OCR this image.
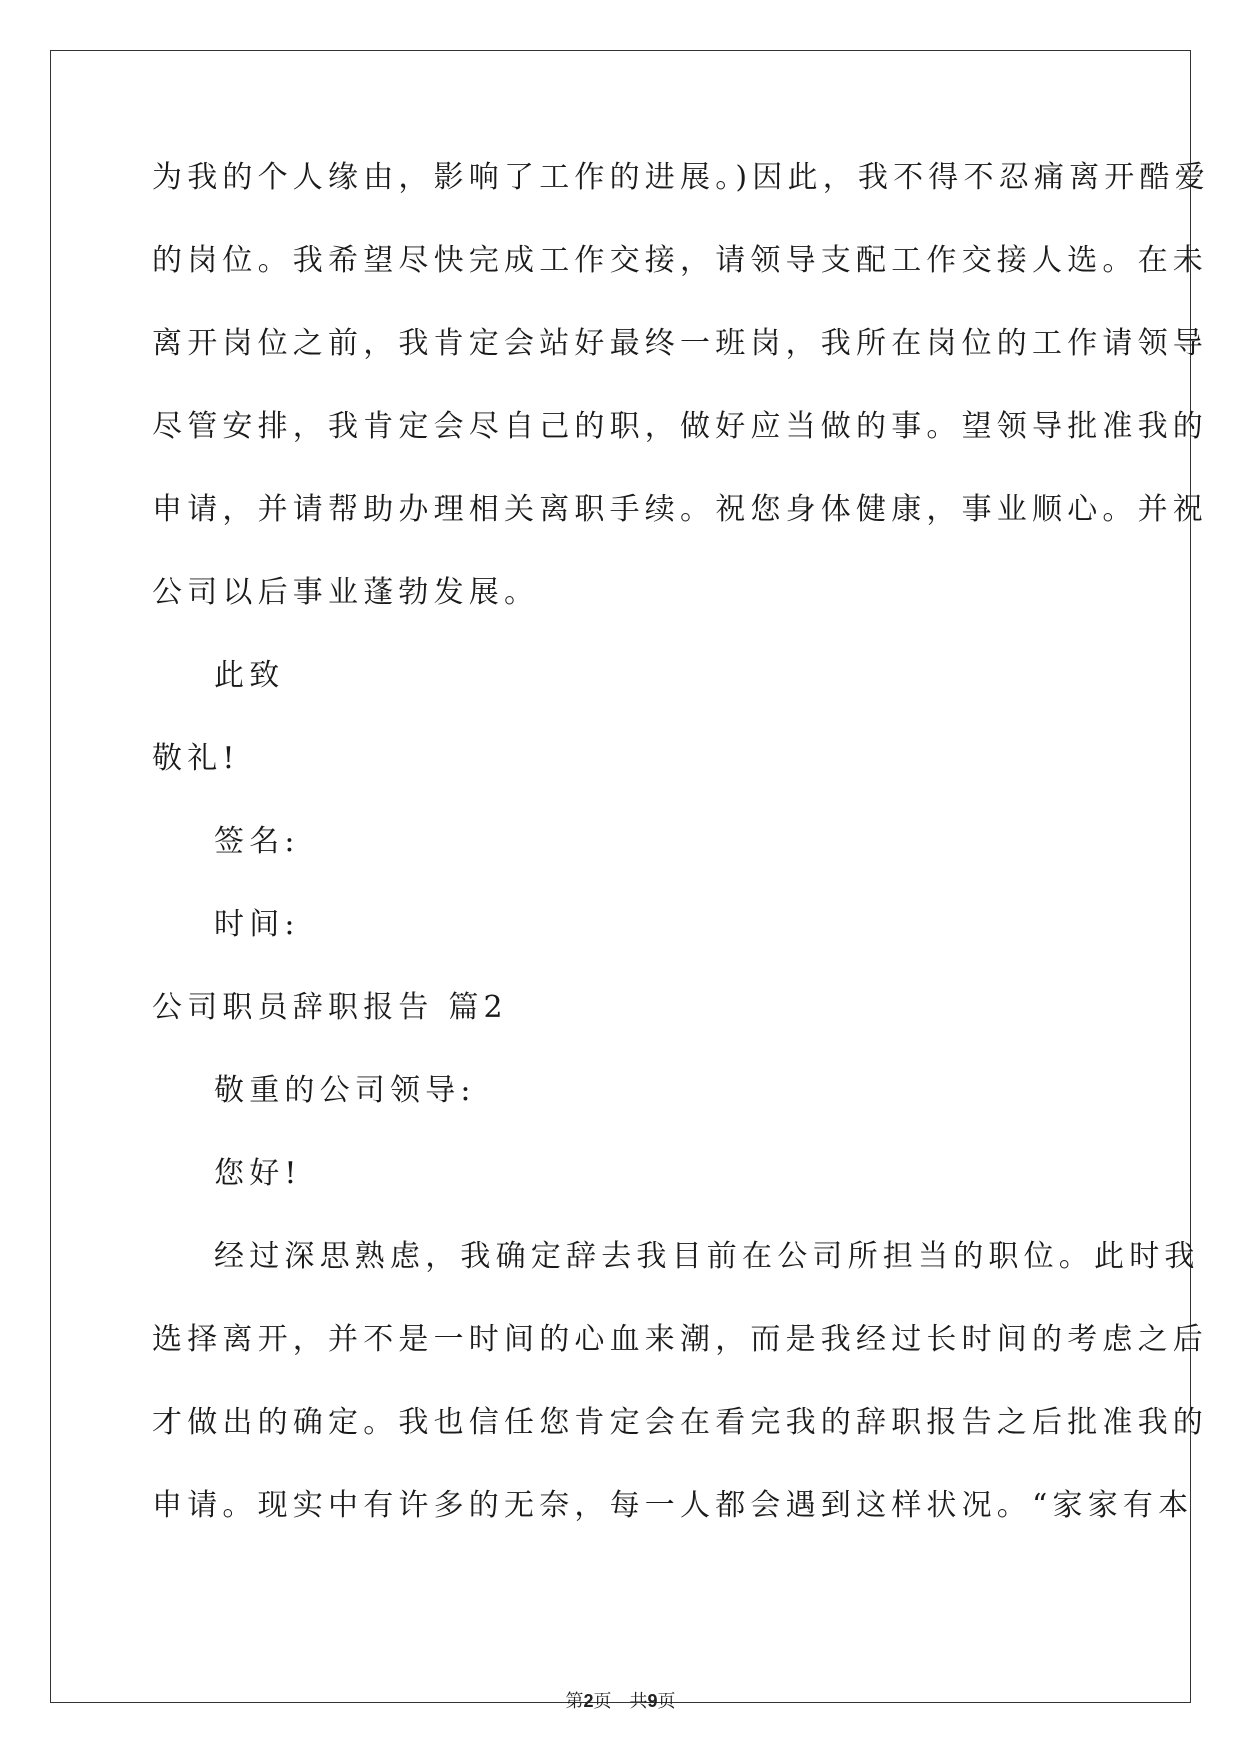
为我的个人缘由，影响了工作的进展。)因此，我不得不忍痛离开酷爱
的岗位。我希望尽快完成工作交接，请领导支配工作交接人选。在未
离开岗位之前，我肯定会站好最终一班岗，我所在岗位的工作请领导
尽管安排，我肯定会尽自己的职，做好应当做的事。望领导批准我的
申请，并请帮助办理相关离职手续。祝您身体健康，事业顺心。并祝
公司以后事业蓬勃发展。
此致
敬礼!
签名:
时间:
公司职员辞职报告 篇2
敬重的公司领导:
您好!
经过深思熟虑，我确定辞去我目前在公司所担当的职位。此时我
选择离开，并不是一时间的心血来潮，而是我经过长时间的考虑之后
才做出的确定。我也信任您肯定会在看完我的辞职报告之后批准我的
申请。现实中有许多的无奈，每一人都会遇到这样状况。“家家有本
第2页　共9页
